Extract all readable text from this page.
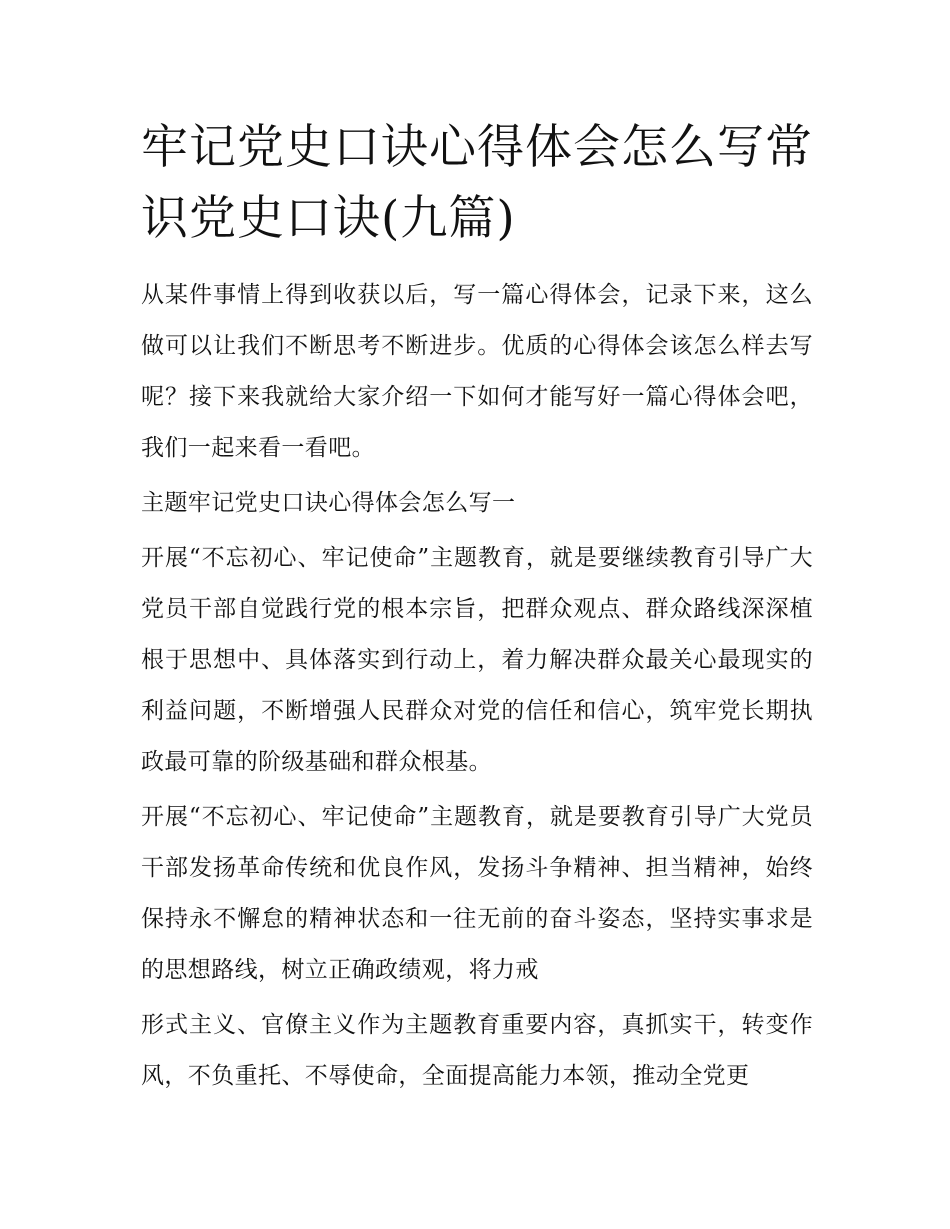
牢记党史口诀心得体会怎么写常识党史口诀(九篇)

从某件事情上得到收获以后，写一篇心得体会，记录下来，这么做可以让我们不断思考不断进步。优质的心得体会该怎么样去写呢？接下来我就给大家介绍一下如何才能写好一篇心得体会吧，我们一起来看一看吧。

主题牢记党史口诀心得体会怎么写一

开展“不忘初心、牢记使命”主题教育，就是要继续教育引导广大党员干部自觉践行党的根本宗旨，把群众观点、群众路线深深植根于思想中、具体落实到行动上，着力解决群众最关心最现实的利益问题，不断增强人民群众对党的信任和信心，筑牢党长期执政最可靠的阶级基础和群众根基。

开展“不忘初心、牢记使命”主题教育，就是要教育引导广大党员干部发扬革命传统和优良作风，发扬斗争精神、担当精神，始终保持永不懈怠的精神状态和一往无前的奋斗姿态，坚持实事求是的思想路线，树立正确政绩观，将力戒

形式主义、官僚主义作为主题教育重要内容，真抓实干，转变作风，不负重托、不辱使命，全面提高能力本领，推动全党更
